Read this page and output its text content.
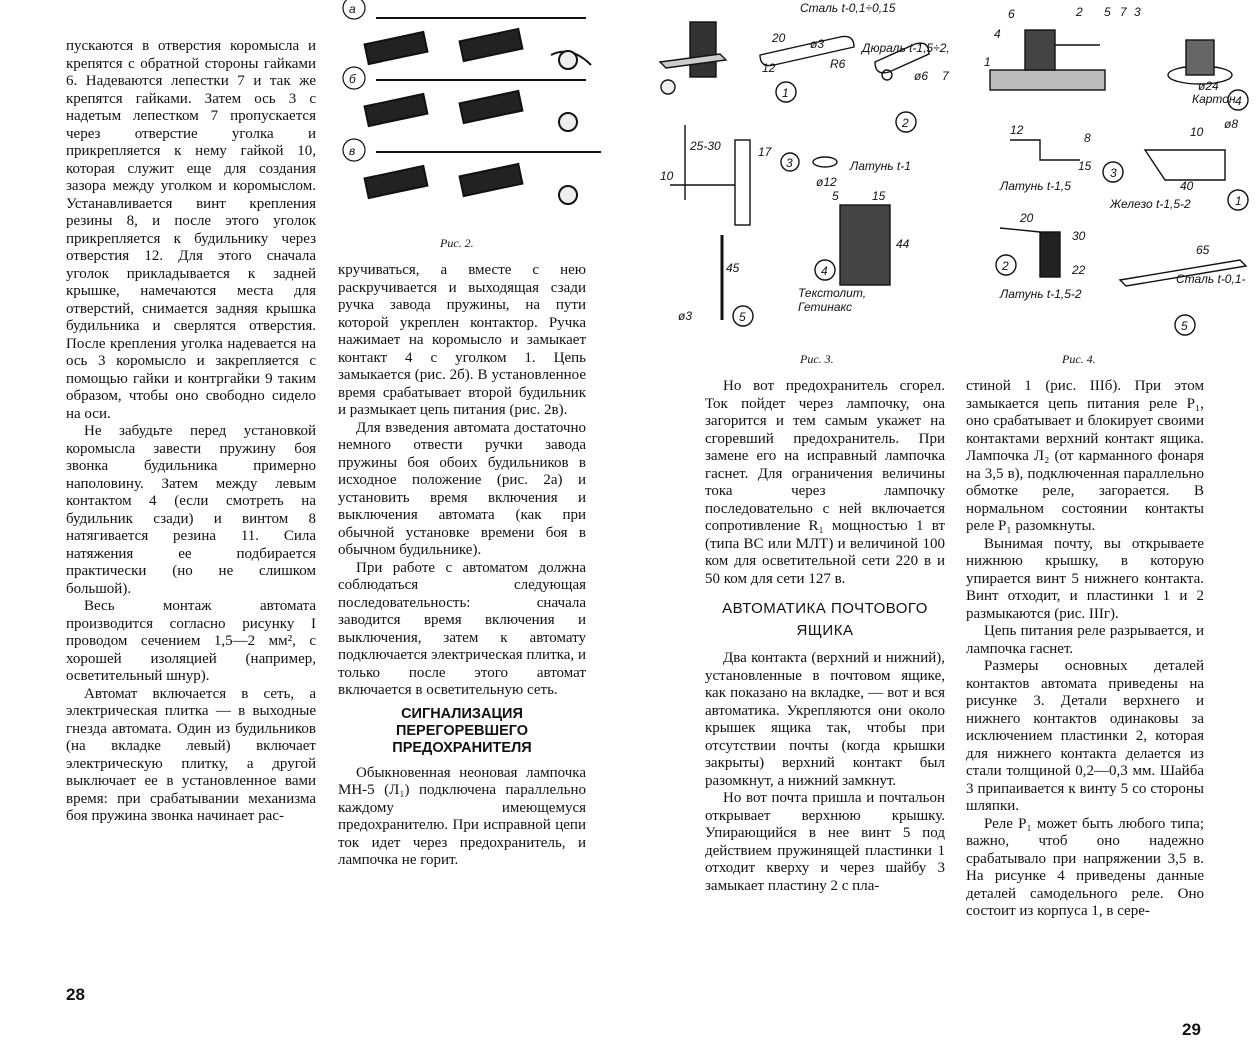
пускаются в отверстия коромысла и крепятся с обратной стороны гайками 6. Надеваются лепестки 7 и так же крепятся гайками. Затем ось 3 с надетым лепестком 7 пропускается через отверстие уголка и прикрепляется к нему гайкой 10, которая служит еще для создания зазора между уголком и коромыслом. Устанавливается винт крепления резины 8, и после этого уголок прикрепляется к будильнику через отверстия 12. Для этого сначала уголок прикладывается к задней крышке, намечаются места для отверстий, снимается задняя крышка будильника и сверлятся отверстия. После крепления уголка надевается на ось 3 коромысло и закрепляется с помощью гайки и контргайки 9 таким образом, чтобы оно свободно сидело на оси.

Не забудьте перед установкой коромысла завести пружину боя звонка будильника примерно наполовину. Затем между левым контактом 4 (если смотреть на будильник сзади) и винтом 8 натягивается резина 11. Сила натяжения ее подбирается практически (но не слишком большой).

Весь монтаж автомата производится согласно рисунку I проводом сечением 1,5—2 мм², с хорошей изоляцией (например, осветительный шнур).

Автомат включается в сеть, а электрическая плитка — в выходные гнезда автомата. Один из будильников (на вкладке левый) включает электрическую плитку, а другой выключает ее в установленное вами время: при срабатывании механизма боя пружина звонка начинает рас-

а
б
в
Рис. 2.

кручиваться, а вместе с нею раскручивается и выходящая сзади ручка завода пружины, на пути которой укреплен контактор. Ручка нажимает на коромысло и замыкает контакт 4 с уголком 1. Цепь замыкается (рис. 2б). В установленное время срабатывает второй будильник и размыкает цепь питания (рис. 2в).

Для взведения автомата достаточно немного отвести ручки завода пружины боя обоих будильников в исходное положение (рис. 2а) и установить время включения и выключения автомата (как при обычной установке времени боя в обычном будильнике).

При работе с автоматом должна соблюдаться следующая последовательность: сначала заводится время включения и выключения, затем к автомату подключается электрическая плитка, и только после этого автомат включается в осветительную сеть.

СИГНАЛИЗАЦИЯ
ПЕРЕГОРЕВШЕГО
ПРЕДОХРАНИТЕЛЯ

Обыкновенная неоновая лампочка МН-5 (Л₁) подключена параллельно каждому имеющемуся предохранителю. При исправной цепи ток идет через предохранитель, и лампочка не горит.

28
Сталь t-0,1÷0,15
Дюраль t-1,5÷2,
Латунь t-1
Текстолит,
Гетинакс
1
2
3
4
5
20
12	R6
ø3
ø6 7
17
25-30
10	ø12
5	15
44
45
ø3
Рис. 3.
Картон
ø24
Латунь t-1,5
Железо t-1,5-2
Латунь t-1,5-2
Сталь t-0,1-
4
1
3
2
5
6	2 5 7 3
4
1
12	ø8
20
30
22
65
40
10
15
8
Рис. 4.

Но вот предохранитель сгорел. Ток пойдет через лампочку, она загорится и тем самым укажет на сгоревший предохранитель. При замене его на исправный лампочка гаснет. Для ограничения величины тока через лампочку последовательно с ней включается сопротивление R₁ мощностью 1 вт (типа ВС или МЛТ) и величиной 100 ком для осветительной сети 220 в и 50 ком для сети 127 в.

АВТОМАТИКА ПОЧТОВОГО
ЯЩИКА

Два контакта (верхний и нижний), установленные в почтовом ящике, как показано на вкладке, — вот и вся автоматика. Укрепляются они около крышек ящика так, чтобы при отсутствии почты (когда крышки закрыты) верхний контакт был разомкнут, а нижний замкнут.

Но вот почта пришла и почтальон открывает верхнюю крышку. Упирающийся в нее винт 5 под действием пружинящей пластинки 1 отходит кверху и через шайбу 3 замыкает пластину 2 с пла-

стиной 1 (рис. IIIб). При этом замыкается цепь питания реле Р₁, оно срабатывает и блокирует своими контактами верхний контакт ящика. Лампочка Л₂ (от карманного фонаря на 3,5 в), подключенная параллельно обмотке реле, загорается. В нормальном состоянии контакты реле Р₁ разомкнуты.

Вынимая почту, вы открываете нижнюю крышку, в которую упирается винт 5 нижнего контакта. Винт отходит, и пластинки 1 и 2 размыкаются (рис. IIIг).

Цепь питания реле разрывается, и лампочка гаснет.

Размеры основных деталей контактов автомата приведены на рисунке 3. Детали верхнего и нижнего контактов одинаковы за исключением пластинки 2, которая для нижнего контакта делается из стали толщиной 0,2—0,3 мм. Шайба 3 припаивается к винту 5 со стороны шляпки.

Реле Р₁ может быть любого типа; важно, чтоб оно надежно срабатывало при напряжении 3,5 в. На рисунке 4 приведены данные деталей самодельного реле. Оно состоит из корпуса 1, в сере-

29
